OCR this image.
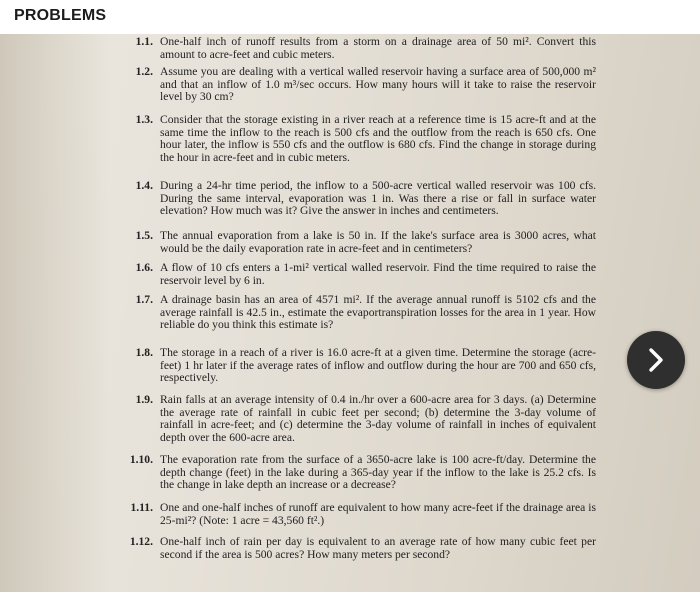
PROBLEMS
1.1. One-half inch of runoff results from a storm on a drainage area of 50 mi². Convert this amount to acre-feet and cubic meters.
1.2. Assume you are dealing with a vertical walled reservoir having a surface area of 500,000 m² and that an inflow of 1.0 m³/sec occurs. How many hours will it take to raise the reservoir level by 30 cm?
1.3. Consider that the storage existing in a river reach at a reference time is 15 acre-ft and at the same time the inflow to the reach is 500 cfs and the outflow from the reach is 650 cfs. One hour later, the inflow is 550 cfs and the outflow is 680 cfs. Find the change in storage during the hour in acre-feet and in cubic meters.
1.4. During a 24-hr time period, the inflow to a 500-acre vertical walled reservoir was 100 cfs. During the same interval, evaporation was 1 in. Was there a rise or fall in surface water elevation? How much was it? Give the answer in inches and centimeters.
1.5. The annual evaporation from a lake is 50 in. If the lake's surface area is 3000 acres, what would be the daily evaporation rate in acre-feet and in centimeters?
1.6. A flow of 10 cfs enters a 1-mi² vertical walled reservoir. Find the time required to raise the reservoir level by 6 in.
1.7. A drainage basin has an area of 4571 mi². If the average annual runoff is 5102 cfs and the average rainfall is 42.5 in., estimate the evaportranspiration losses for the area in 1 year. How reliable do you think this estimate is?
1.8. The storage in a reach of a river is 16.0 acre-ft at a given time. Determine the storage (acre-feet) 1 hr later if the average rates of inflow and outflow during the hour are 700 and 650 cfs, respectively.
1.9. Rain falls at an average intensity of 0.4 in./hr over a 600-acre area for 3 days. (a) Determine the average rate of rainfall in cubic feet per second; (b) determine the 3-day volume of rainfall in acre-feet; and (c) determine the 3-day volume of rainfall in inches of equivalent depth over the 600-acre area.
1.10. The evaporation rate from the surface of a 3650-acre lake is 100 acre-ft/day. Determine the depth change (feet) in the lake during a 365-day year if the inflow to the lake is 25.2 cfs. Is the change in lake depth an increase or a decrease?
1.11. One and one-half inches of runoff are equivalent to how many acre-feet if the drainage area is 25-mi²? (Note: 1 acre = 43,560 ft².)
1.12. One-half inch of rain per day is equivalent to an average rate of how many cubic feet per second if the area is 500 acres? How many meters per second?
